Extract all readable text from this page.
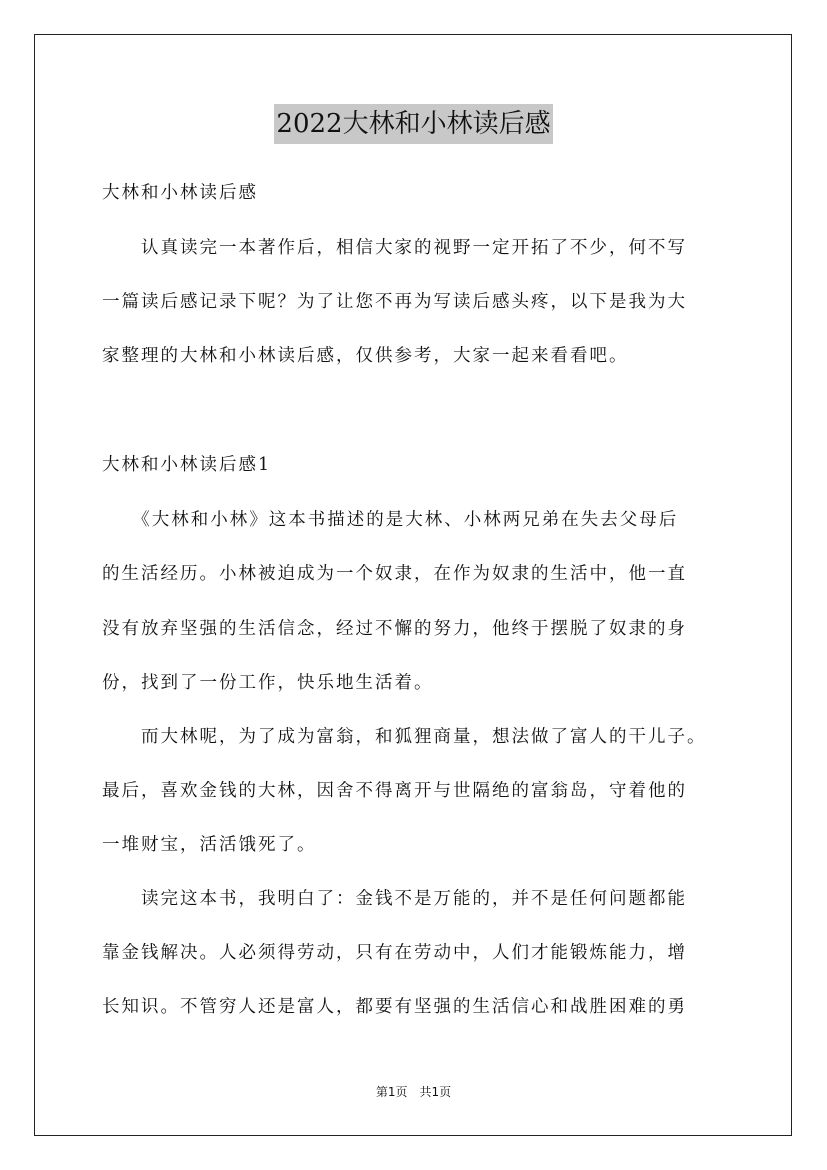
2022大林和小林读后感
大林和小林读后感
　　认真读完一本著作后，相信大家的视野一定开拓了不少，何不写
一篇读后感记录下呢？为了让您不再为写读后感头疼，以下是我为大
家整理的大林和小林读后感，仅供参考，大家一起来看看吧。
大林和小林读后感1
　　《大林和小林》这本书描述的是大林、小林两兄弟在失去父母后
的生活经历。小林被迫成为一个奴隶，在作为奴隶的生活中，他一直
没有放弃坚强的生活信念，经过不懈的努力，他终于摆脱了奴隶的身
份，找到了一份工作，快乐地生活着。
　　而大林呢，为了成为富翁，和狐狸商量，想法做了富人的干儿子。
最后，喜欢金钱的大林，因舍不得离开与世隔绝的富翁岛，守着他的
一堆财宝，活活饿死了。
　　读完这本书，我明白了：金钱不是万能的，并不是任何问题都能
靠金钱解决。人必须得劳动，只有在劳动中，人们才能锻炼能力，增
长知识。不管穷人还是富人，都要有坚强的生活信心和战胜困难的勇
第1页　共1页
